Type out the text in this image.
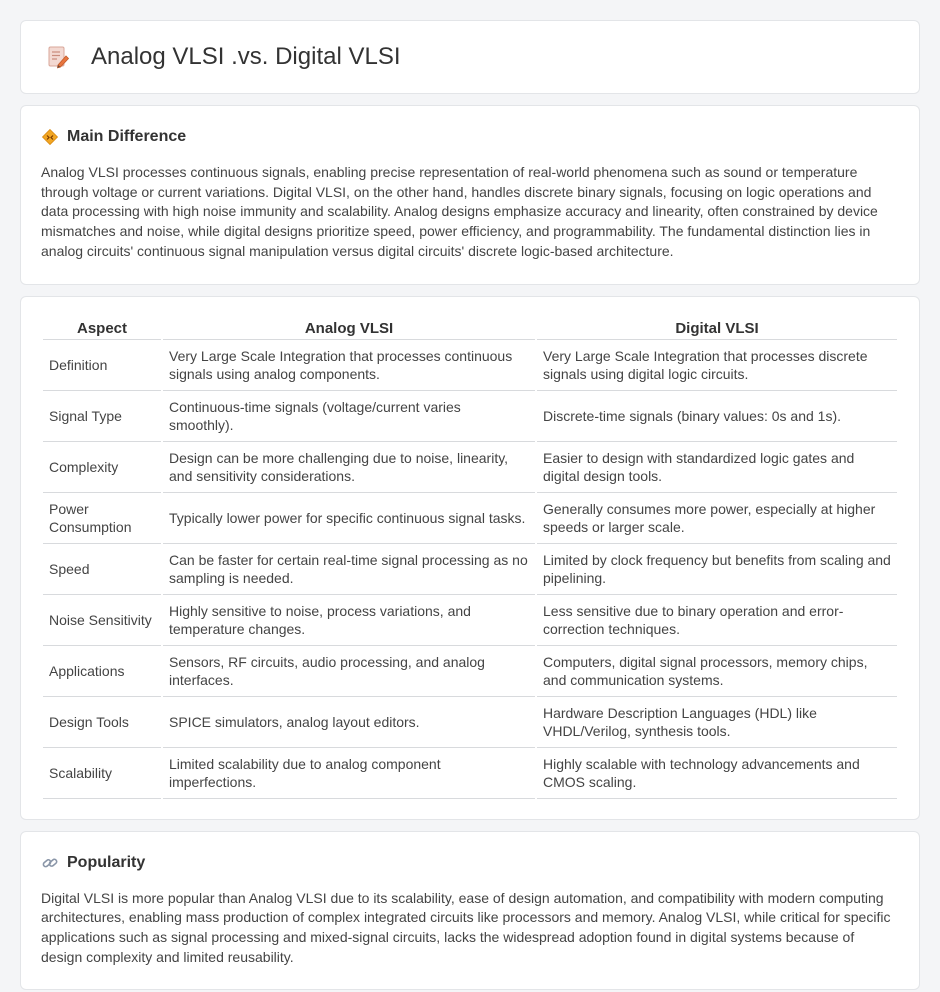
Analog VLSI .vs. Digital VLSI
Main Difference

Analog VLSI processes continuous signals, enabling precise representation of real-world phenomena such as sound or temperature through voltage or current variations. Digital VLSI, on the other hand, handles discrete binary signals, focusing on logic operations and data processing with high noise immunity and scalability. Analog designs emphasize accuracy and linearity, often constrained by device mismatches and noise, while digital designs prioritize speed, power efficiency, and programmability. The fundamental distinction lies in analog circuits' continuous signal manipulation versus digital circuits' discrete logic-based architecture.

Aspect	Analog VLSI	Digital VLSI
Definition	Very Large Scale Integration that processes continuous signals using analog components.	Very Large Scale Integration that processes discrete signals using digital logic circuits.
Signal Type	Continuous-time signals (voltage/current varies smoothly).	Discrete-time signals (binary values: 0s and 1s).
Complexity	Design can be more challenging due to noise, linearity, and sensitivity considerations.	Easier to design with standardized logic gates and digital design tools.
Power Consumption	Typically lower power for specific continuous signal tasks.	Generally consumes more power, especially at higher speeds or larger scale.
Speed	Can be faster for certain real-time signal processing as no sampling is needed.	Limited by clock frequency but benefits from scaling and pipelining.
Noise Sensitivity	Highly sensitive to noise, process variations, and temperature changes.	Less sensitive due to binary operation and error-correction techniques.
Applications	Sensors, RF circuits, audio processing, and analog interfaces.	Computers, digital signal processors, memory chips, and communication systems.
Design Tools	SPICE simulators, analog layout editors.	Hardware Description Languages (HDL) like VHDL/Verilog, synthesis tools.
Scalability	Limited scalability due to analog component imperfections.	Highly scalable with technology advancements and CMOS scaling.
Popularity

Digital VLSI is more popular than Analog VLSI due to its scalability, ease of design automation, and compatibility with modern computing architectures, enabling mass production of complex integrated circuits like processors and memory. Analog VLSI, while critical for specific applications such as signal processing and mixed-signal circuits, lacks the widespread adoption found in digital systems because of design complexity and limited reusability.
